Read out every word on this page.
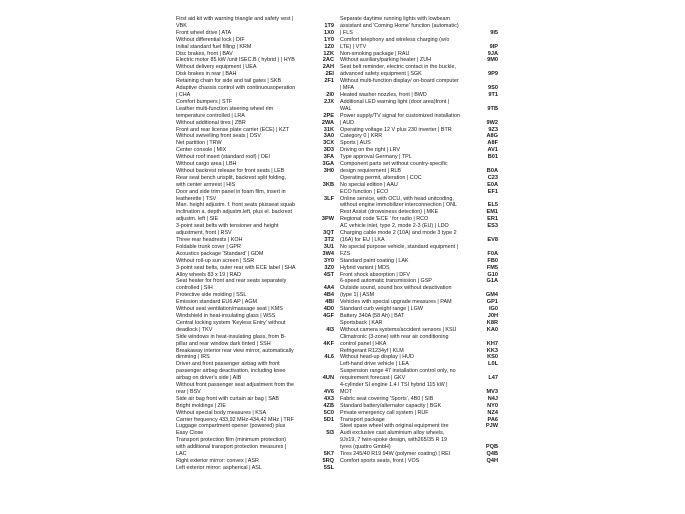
First aid kit with warning triangle and safety vest | VBK	1T9
Front wheel drive | ATA	1X0
Without differential lock | DIF	1Y0
Initial standard fuel filling | KRM	1Z0
Disc brakes, front | BAV	1ZK
Electric motor 85 kW /unit ISEC.B ( hybrid ) | HYB	2AC
Without delivery equipment | UEA	2AH
Disk brakes in rear | BAH	2EI
Retaining chain for side and tail gates | SKB	2F1
Adaptive chassis control with continuousoperation | CHA	2I0
Comfort bumpers | STF	2JX
Leather multi-function steering wheel rim temperature controlled | LRA	2PE
Without additional tires | ZBR	2WA
Front and rear license plate carrier (ECE) | KZT	31K
Without swivelling front seats | DSV	3A0
Net partition | TRW	3CX
Center console | MIX	3D3
Without roof insert (standard roof) | DEI	3FA
Without cargo area | LBH	3GA
Without backrest release for front seats | LEB	3H0
Rear seat bench unsplit, backrest split folding, with center armrest | HIS	3KB
Door and side trim panel in foam film, insert in leatherette | TSV	3LF
Man. height adjustm. f. front seats plusseat squab inclination a. depth adjustm.left, plus el. backrest adjustm. left | SIE	3PW
3-point seat belts with tensioner and height adjustment, front | RSV	3QT
Three rear headrests | KOH	3T2
Foldable trunk cover | GPR	3U1
Acoustics package 'Standard' | GDM	3W4
Without roll-up sun screen | SSR	3Y0
3-point seat belts, outer rear with ECE label | SHA	3Z0
Alloy wheels 83 x 19 | RAD	4ST
Seat heater for front and rear seats separately controlled | SIH	4A4
Protective side molding | SSL	4B4
Emission standard EU6 AP | AGM	4BI
Without seat ventilation/massage seat | KMS	4D0
Windshield in heat-insulating glass | WSS	4GF
Central locking system 'Keyless Entry' without deadlock | TKV	4I3
Side windows in heat-insulating glass, from B-pillar and rear window dark tinted | SSH	4KF
Breakaway interior rear view mirror, automatically dimming | IRS	4L6
Driver and front passenger airbag with front passenger airbag deactivation, including knee airbag on driver's side | AIB	4UN
Without front passenger seat adjustment from the rear | BSV	4V6
Side air bag front with curtain air bag | SAB	4X3
Bright moldings | ZIE	4ZB
Without special body measures | KSA	5C0
Carrier frequency 433,92 MHz-434,42 MHz | TRF	5D1
Luggage compartment opener (powered) plus Easy Close	5I3
Transport protection film (minimum protection) with additional transport protection measures | LAC	5K7
Right exterior mirror: convex | ASR	5RQ
Left exterior mirror: aspherical | ASL	5SL
Separate daytime running lights with lowbeam assistant and 'Coming Home' function (automatic) | FLS	9I5
Comfort telephony and wireless charging (w/o LTE) | VTV	9IP
Non-smoking package | RAU	9JA
Without auxiliary/parking heater | ZUH	9M0
Seat belt reminder, electric contact in the buckle, advanced safety equipment | SGK	9P9
Without multi-function display/ on-board computer | MFA	9S0
Heated washer nozzles, front | BWD	9T1
Additional LED warning light (door area)front | WAL	9TB
Power supply/TV signal for customized installation | AUD	9W2
Operating voltage 12 V plus 230 inverter | BTR	9Z3
Category 0 | KRR	A8G
Sports | AUS	A8F
Driving on the right | LRV	AV1
Type approval Germany | TPL	B01
Component parts set without country-specific design requirement | RLB	B0A
Operating permit, alteration | COC	C23
No special edition | AAU	E0A
ECO function | ECO	EF1
Online service, with OCU, with head unitcoding, without engine immobilizer interconnection | ONL	EL5
Rest Assist (drowsiness detection) | MKE	EM1
Regional code 'ECE ' for radio | RCO	ER1
AC vehicle inlet, type 2, mode 2-3 (EU) | LDO	ES3
Charging cable mode 2 (10A) and mode 3 type 2 (16A) for EU | LKA	EV8
No special purpose vehicle, standard equipment | FZS	F0A
Standard paint coating | LAK	FB0
Hybrid variant | MDS	FM5
Front shock absorption | DFV	G10
6-speed automatic transmission | GSP	G1A
Outside sound, sound box without deactivation (type 1) | ASM	GM4
Vehicles with special upgrade measures | PAM	GP1
Standard curb weight range | LGW	IG0
Battery 340A (58 Ah) | BAT	J0H
Sportsback | KAR	K8R
Without camera systems/accident sensors | KSU	KA0
Climatronic (3-zone) with rear air conditioning control panel | HKA	KH7
Refrigerant R1234yf | KLM	KK3
Without head-up display | HUD	KS0
Left-hand drive vehicle | LEA	L0L
Suspension range 47 installation control only, no requirement forecast | GKV	L47
4-cylinder SI engine 1.4 l TSI hybrid 115 kW | MOT	MV3
Fabric seat covering 'Sports', 4B0 | SIB	N4J
Standard battery/alternator capacity | BGK	NY0
Private emergency call system | RUF	NZ4
Transport package	PA6
Steel spare wheel with original equipment tire	PJW
Audi exclusive cast aluminium alloy wheels, 9Jx19, 7 twin-spoke design, with265/35 R 19 tyres (quattro GmbH)	PQB
Tires 245/40 R19 94W (polymer coating) | REI	Q4B
Comfort sports seats, front | VOS	Q4H
